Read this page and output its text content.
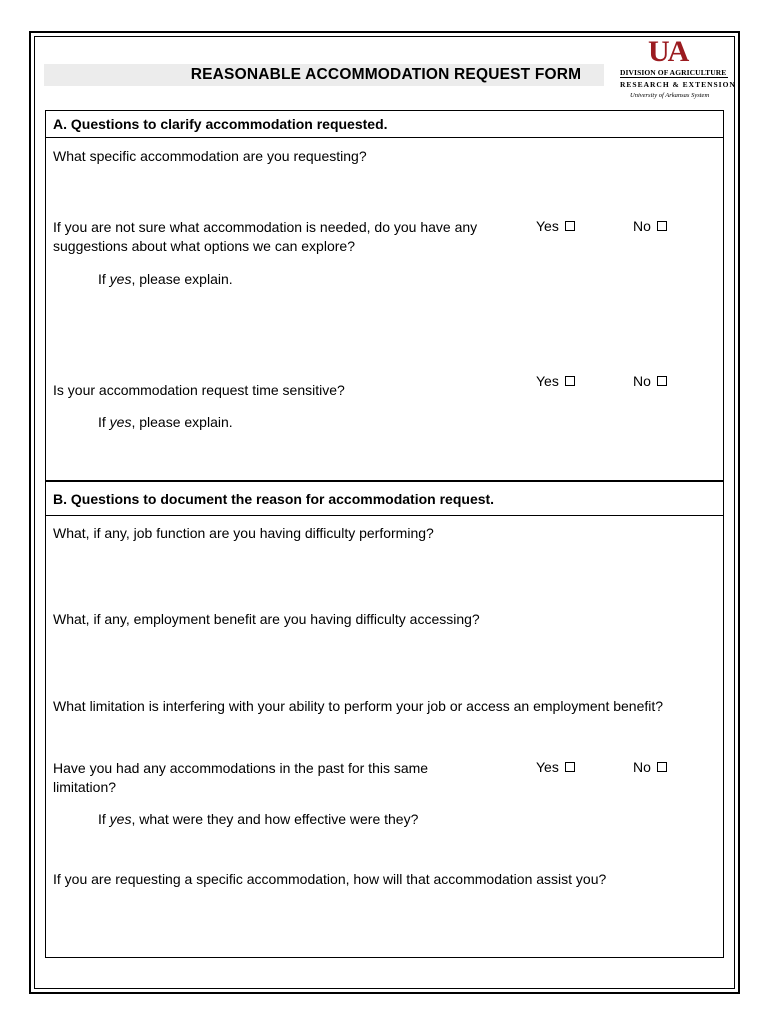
REASONABLE ACCOMMODATION REQUEST FORM
UA
DIVISION OF AGRICULTURE
RESEARCH & EXTENSION
University of Arkansas System
A. Questions to clarify accommodation requested.
What specific accommodation are you requesting?
If you are not sure what accommodation is needed, do you have any suggestions about what options we can explore?
Yes	No
If yes, please explain.
Is your accommodation request time sensitive?
Yes	No
If yes, please explain.
B. Questions to document the reason for accommodation request.
What, if any, job function are you having difficulty performing?
What, if any, employment benefit are you having difficulty accessing?
What limitation is interfering with your ability to perform your job or access an employment benefit?
Have you had any accommodations in the past for this same limitation?
Yes	No
If yes, what were they and how effective were they?
If you are requesting a specific accommodation, how will that accommodation assist you?
